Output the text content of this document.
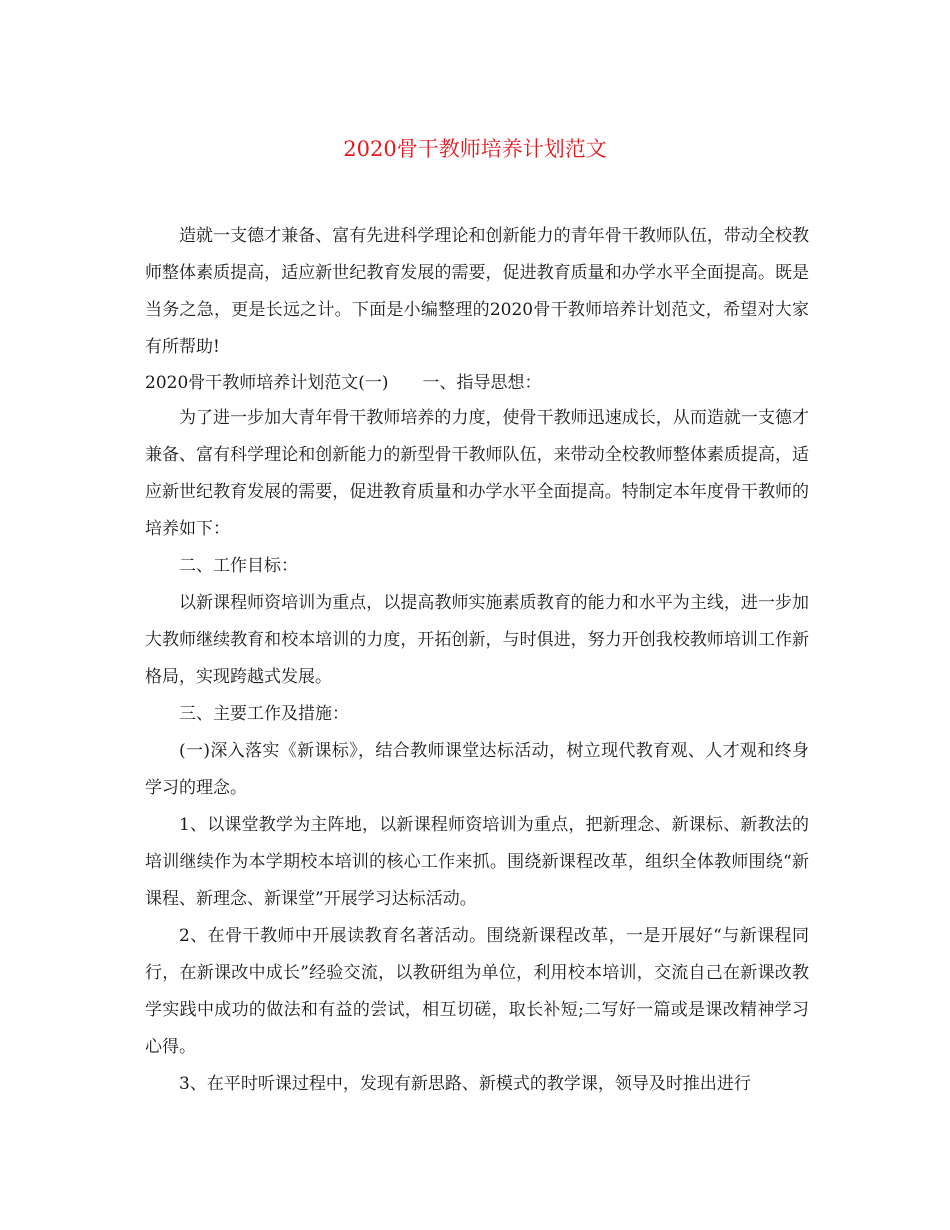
2020骨干教师培养计划范文

造就一支德才兼备、富有先进科学理论和创新能力的青年骨干教师队伍，带动全校教师整体素质提高，适应新世纪教育发展的需要，促进教育质量和办学水平全面提高。既是当务之急，更是长远之计。下面是小编整理的2020骨干教师培养计划范文，希望对大家有所帮助!

2020骨干教师培养计划范文(一)　　一、指导思想：

为了进一步加大青年骨干教师培养的力度，使骨干教师迅速成长，从而造就一支德才兼备、富有科学理论和创新能力的新型骨干教师队伍，来带动全校教师整体素质提高，适应新世纪教育发展的需要，促进教育质量和办学水平全面提高。特制定本年度骨干教师的培养如下：

二、工作目标：

以新课程师资培训为重点，以提高教师实施素质教育的能力和水平为主线，进一步加大教师继续教育和校本培训的力度，开拓创新，与时俱进，努力开创我校教师培训工作新格局，实现跨越式发展。

三、主要工作及措施：

(一)深入落实《新课标》，结合教师课堂达标活动，树立现代教育观、人才观和终身学习的理念。

1、以课堂教学为主阵地，以新课程师资培训为重点，把新理念、新课标、新教法的培训继续作为本学期校本培训的核心工作来抓。围绕新课程改革，组织全体教师围绕“新课程、新理念、新课堂”开展学习达标活动。

2、在骨干教师中开展读教育名著活动。围绕新课程改革，一是开展好“与新课程同行，在新课改中成长”经验交流，以教研组为单位，利用校本培训，交流自己在新课改教学实践中成功的做法和有益的尝试，相互切磋，取长补短;二写好一篇或是课改精神学习心得。

3、在平时听课过程中，发现有新思路、新模式的教学课，领导及时推出进行
